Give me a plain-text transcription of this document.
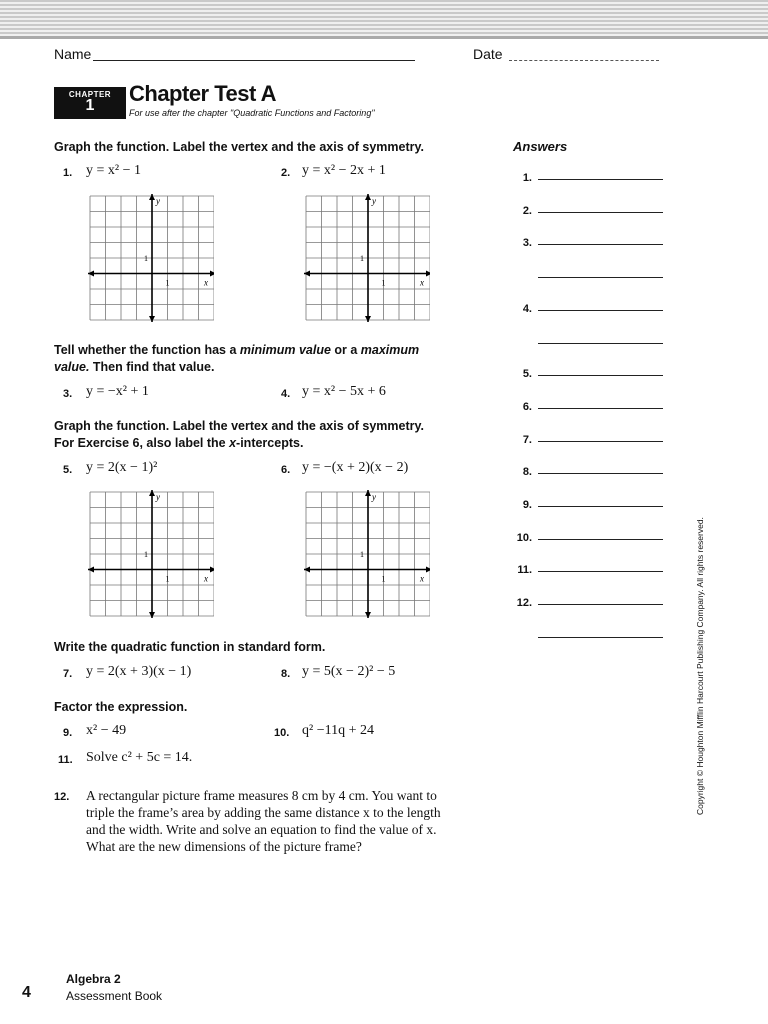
Name	Date
CHAPTER
1	Chapter Test A
For use after the chapter "Quadratic Functions and Factoring"
Graph the function. Label the vertex and the axis of symmetry.	Answers
1. y = x² − 1	2. y = x² − 2x + 1
Tell whether the function has a minimum value or a maximum
value. Then find that value.
3. y = −x² + 1	4. y = x² − 5x + 6
Graph the function. Label the vertex and the axis of symmetry.
For Exercise 6, also label the x-intercepts.
5. y = 2(x − 1)²	6. y = −(x + 2)(x − 2)
Write the quadratic function in standard form.
7. y = 2(x + 3)(x − 1)	8. y = 5(x − 2)² − 5
Factor the expression.
9. x² − 49	10. q² −11q + 24
11. Solve c² + 5c = 14.
12. A rectangular picture frame measures 8 cm by 4 cm. You want to
triple the frame’s area by adding the same distance x to the length
and the width. Write and solve an equation to find the value of x.
What are the new dimensions of the picture frame?
y
x
1
1
y
x
1
1
y
x
1
1
y
x
1
1
1.
2.
3.
4.
5.
6.
7.
8.
9.
10.
11.
12.	Copyright © Houghton Mifflin Harcourt Publishing Company. All rights reserved.
4
Algebra 2
Assessment Book
